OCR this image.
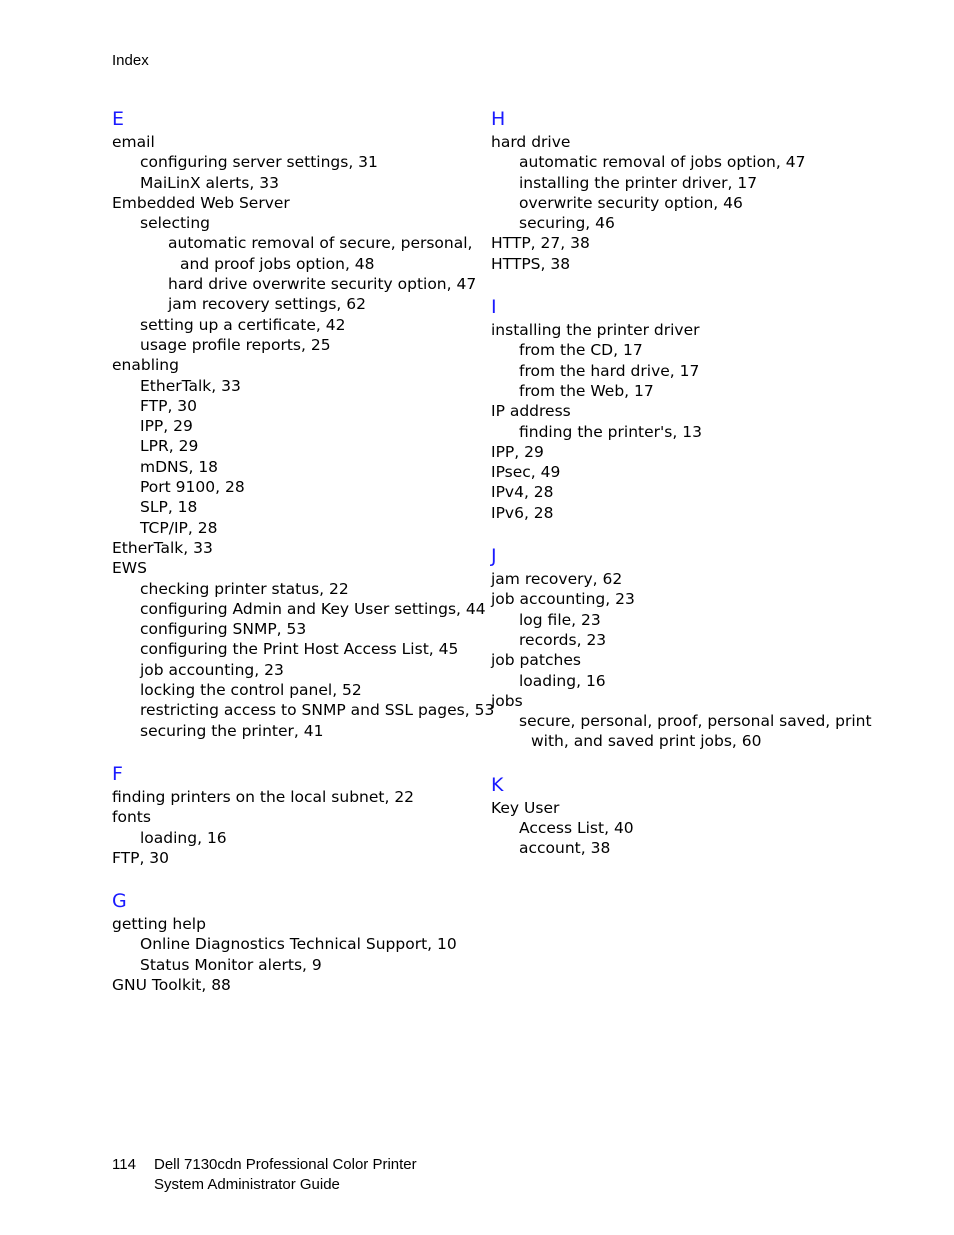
Index
E
email
configuring server settings, 31
MaiLinX alerts, 33
Embedded Web Server
selecting
automatic removal of secure, personal,
and proof jobs option, 48
hard drive overwrite security option, 47
jam recovery settings, 62
setting up a certificate, 42
usage profile reports, 25
enabling
EtherTalk, 33
FTP, 30
IPP, 29
LPR, 29
mDNS, 18
Port 9100, 28
SLP, 18
TCP/IP, 28
EtherTalk, 33
EWS
checking printer status, 22
configuring Admin and Key User settings, 44
configuring SNMP, 53
configuring the Print Host Access List, 45
job accounting, 23
locking the control panel, 52
restricting access to SNMP and SSL pages, 53
securing the printer, 41
F
finding printers on the local subnet, 22
fonts
loading, 16
FTP, 30
G
getting help
Online Diagnostics Technical Support, 10
Status Monitor alerts, 9
GNU Toolkit, 88
H
hard drive
automatic removal of jobs option, 47
installing the printer driver, 17
overwrite security option, 46
securing, 46
HTTP, 27, 38
HTTPS, 38
I
installing the printer driver
from the CD, 17
from the hard drive, 17
from the Web, 17
IP address
finding the printer's, 13
IPP, 29
IPsec, 49
IPv4, 28
IPv6, 28
J
jam recovery, 62
job accounting, 23
log file, 23
records, 23
job patches
loading, 16
jobs
secure, personal, proof, personal saved, print
with, and saved print jobs, 60
K
Key User
Access List, 40
account, 38
114 Dell 7130cdn Professional Color Printer
System Administrator Guide
